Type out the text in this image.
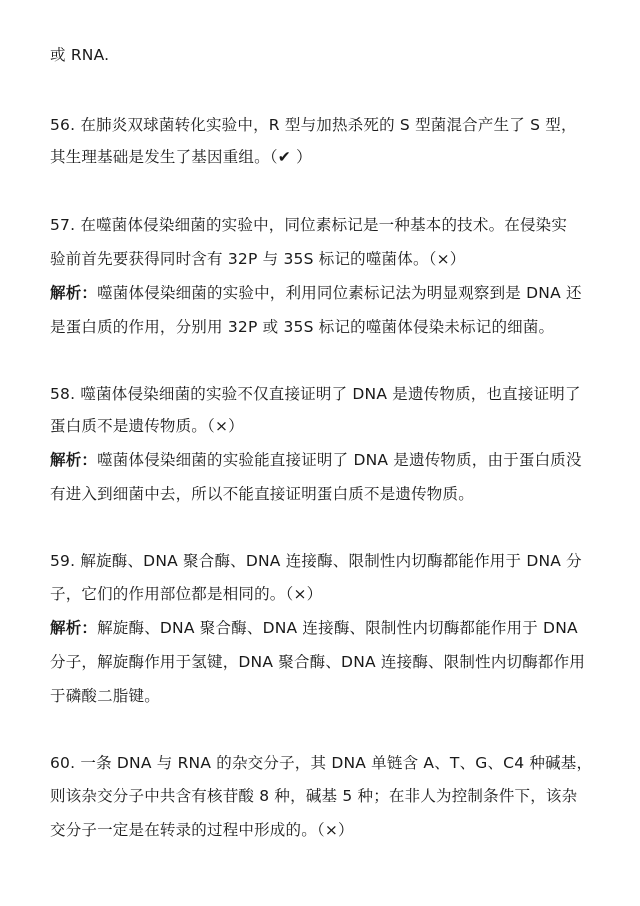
或 RNA.
56. 在肺炎双球菌转化实验中，R 型与加热杀死的 S 型菌混合产生了 S 型，
其生理基础是发生了基因重组。（✔ ）
57. 在噬菌体侵染细菌的实验中，同位素标记是一种基本的技术。在侵染实
验前首先要获得同时含有 32P 与 35S 标记的噬菌体。（×）
解析：噬菌体侵染细菌的实验中，利用同位素标记法为明显观察到是 DNA 还
是蛋白质的作用，分别用 32P 或 35S 标记的噬菌体侵染未标记的细菌。
58. 噬菌体侵染细菌的实验不仅直接证明了 DNA 是遗传物质，也直接证明了
蛋白质不是遗传物质。（×）
解析：噬菌体侵染细菌的实验能直接证明了 DNA 是遗传物质，由于蛋白质没
有进入到细菌中去，所以不能直接证明蛋白质不是遗传物质。
59. 解旋酶、DNA 聚合酶、DNA 连接酶、限制性内切酶都能作用于 DNA 分
子，它们的作用部位都是相同的。（×）
解析：解旋酶、DNA 聚合酶、DNA 连接酶、限制性内切酶都能作用于 DNA
分子，解旋酶作用于氢键，DNA 聚合酶、DNA 连接酶、限制性内切酶都作用
于磷酸二脂键。
60. 一条 DNA 与 RNA 的杂交分子，其 DNA 单链含 A、T、G、C4 种碱基，
则该杂交分子中共含有核苷酸 8 种，碱基 5 种；在非人为控制条件下，该杂
交分子一定是在转录的过程中形成的。（×）
